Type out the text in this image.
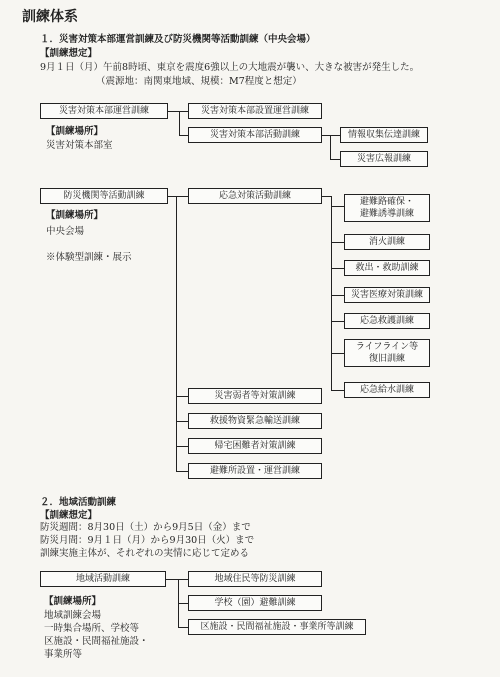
訓練体系
１．災害対策本部運営訓練及び防災機関等活動訓練（中央会場）
【訓練想定】
9月１日（月）午前8時頃、東京を震度6強以上の大地震が襲い、大きな被害が発生した。
（震源地：南関東地域、規模：M7程度と想定）
災害対策本部運営訓練
【訓練場所】
災害対策本部室
災害対策本部設置運営訓練
災害対策本部活動訓練	情報収集伝達訓練
災害広報訓練
防災機関等活動訓練
【訓練場所】
中央会場
※体験型訓練・展示
応急対策活動訓練
避難路確保・
避難誘導訓練
消火訓練
救出・救助訓練
災害医療対策訓練
応急救護訓練
ライフライン等
復旧訓練
応急給水訓練
災害弱者等対策訓練
救援物資緊急輸送訓練
帰宅困難者対策訓練
避難所設置・運営訓練
２．地域活動訓練
【訓練想定】
防災週間：8月30日（土）から9月5日（金）まで
防災月間：9月１日（月）から9月30日（火）まで
訓練実施主体が、それぞれの実情に応じて定める
地域活動訓練
【訓練場所】
地域訓練会場
一時集合場所、学校等
区施設・民間福祉施設・
事業所等
地域住民等防災訓練
学校（園）避難訓練
区施設・民間福祉施設・事業所等訓練
